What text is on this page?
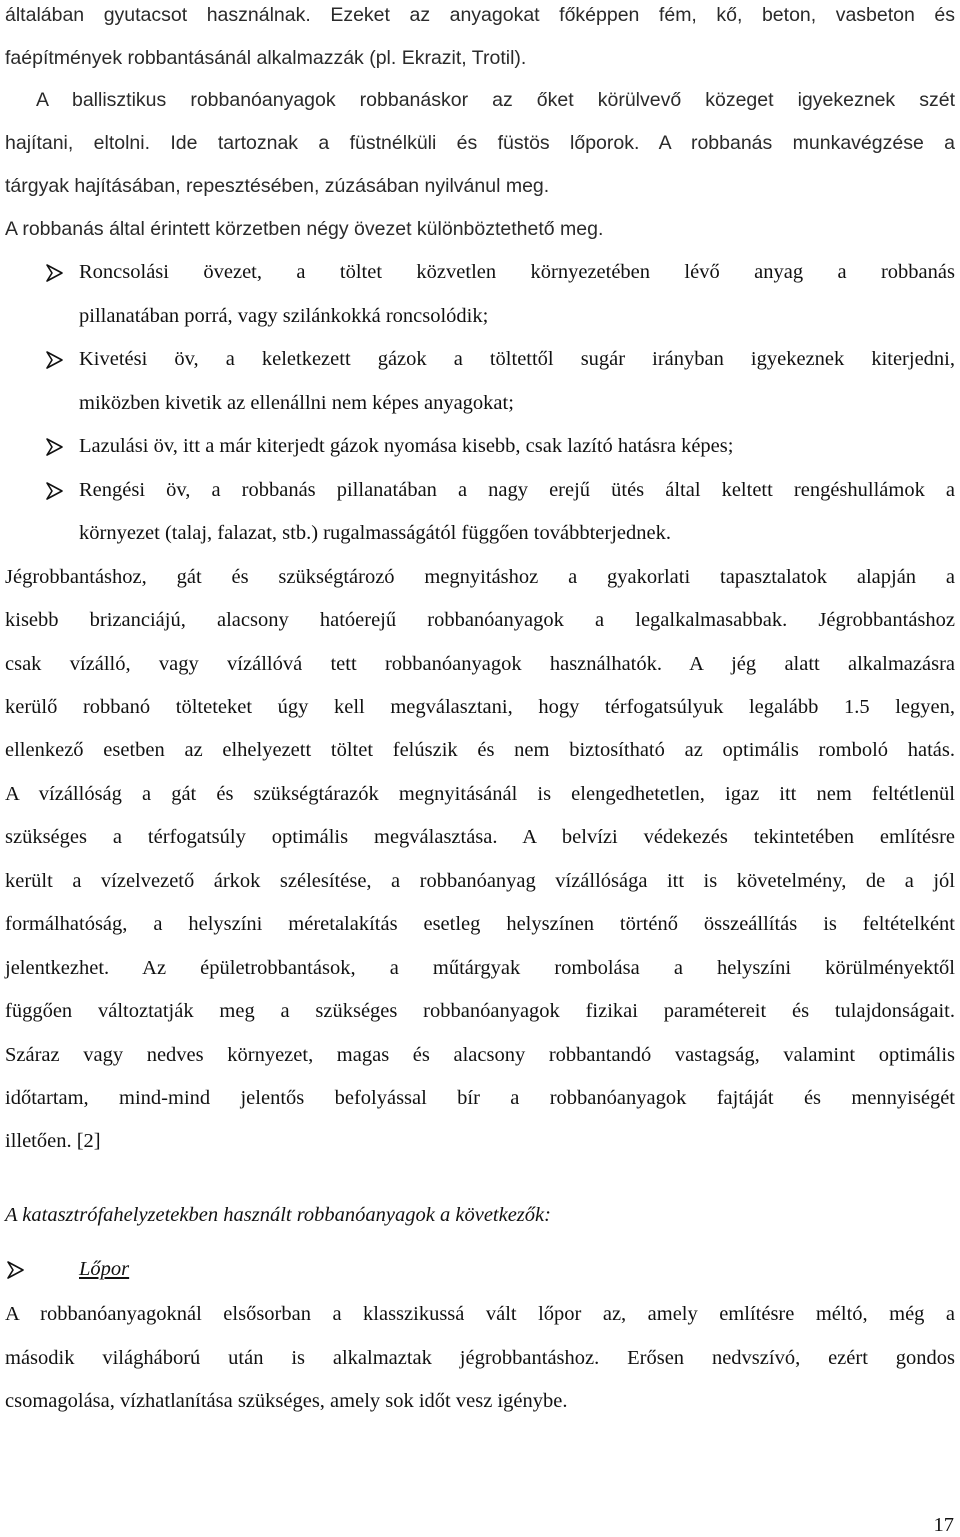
általában gyutacsot használnak. Ezeket az anyagokat főképpen fém, kő, beton, vasbeton és
faépítmények robbantásánál alkalmazzák (pl. Ekrazit, Trotil).
A ballisztikus robbanóanyagok robbanáskor az őket körülvevő közeget igyekeznek szét
hajítani, eltolni. Ide tartoznak a füstnélküli és füstös lőporok. A robbanás munkavégzése a
tárgyak hajításában, repesztésében, zúzásában nyilvánul meg.
A robbanás által érintett körzetben négy övezet különböztethető meg.
Roncsolási övezet, a töltet közvetlen környezetében lévő anyag a robbanás
pillanatában porrá, vagy szilánkokká roncsolódik;
Kivetési öv, a keletkezett gázok a töltettől sugár irányban igyekeznek kiterjedni,
miközben kivetik az ellenállni nem képes anyagokat;
Lazulási öv, itt a már kiterjedt gázok nyomása kisebb, csak lazító hatásra képes;
Rengési öv, a robbanás pillanatában a nagy erejű ütés által keltett rengéshullámok a
környezet (talaj, falazat, stb.) rugalmasságától függően továbbterjednek.
Jégrobbantáshoz, gát és szükségtározó megnyitáshoz a gyakorlati tapasztalatok alapján a
kisebb brizanciájú, alacsony hatóerejű robbanóanyagok a legalkalmasabbak. Jégrobbantáshoz
csak vízálló, vagy vízállóvá tett robbanóanyagok használhatók. A jég alatt alkalmazásra
kerülő robbanó tölteteket úgy kell megválasztani, hogy térfogatsúlyuk legalább 1.5 legyen,
ellenkező esetben az elhelyezett töltet felúszik és nem biztosítható az optimális romboló hatás.
A vízállóság a gát és szükségtárazók megnyitásánál is elengedhetetlen, igaz itt nem feltétlenül
szükséges a térfogatsúly optimális megválasztása. A belvízi védekezés tekintetében említésre
került a vízelvezető árkok szélesítése, a robbanóanyag vízállósága itt is követelmény, de a jól
formálhatóság, a helyszíni méretalakítás esetleg helyszínen történő összeállítás is feltételként
jelentkezhet. Az épületrobbantások, a műtárgyak rombolása a helyszíni körülményektől
függően változtatják meg a szükséges robbanóanyagok fizikai paramétereit és tulajdonságait.
Száraz vagy nedves környezet, magas és alacsony robbantandó vastagság, valamint optimális
időtartam, mind-mind jelentős befolyással bír a robbanóanyagok fajtáját és mennyiségét
illetően. [2]
A katasztrófahelyzetekben használt robbanóanyagok a következők:
Lőpor
A robbanóanyagoknál elsősorban a klasszikussá vált lőpor az, amely említésre méltó, még a
második világháború után is alkalmaztak jégrobbantáshoz. Erősen nedvszívó, ezért gondos
csomagolása, vízhatlanítása szükséges, amely sok időt vesz igénybe.
17
